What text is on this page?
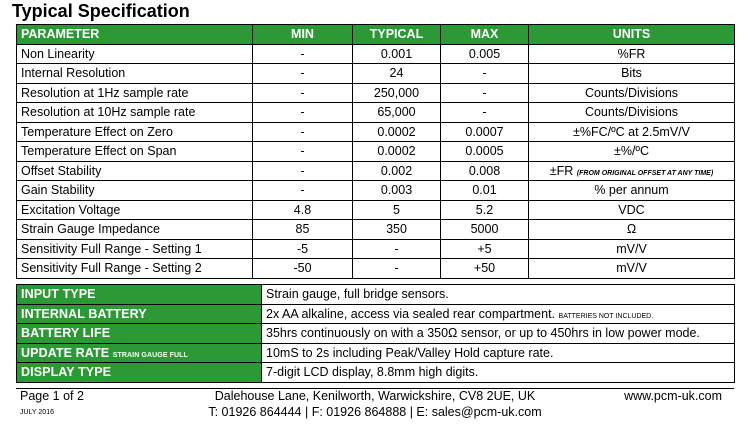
Typical Specification
PARAMETER	MIN	TYPICAL	MAX	UNITS
Non Linearity	-	0.001	0.005	%FR
Internal Resolution	-	24	-	Bits
Resolution at 1Hz sample rate	-	250,000	-	Counts/Divisions
Resolution at 10Hz sample rate	-	65,000	-	Counts/Divisions
Temperature Effect on Zero	-	0.0002	0.0007	±%FC/ºC at 2.5mV/V
Temperature Effect on Span	-	0.0002	0.0005	±%/ºC
Offset Stability	-	0.002	0.008	±FR (FROM ORIGINAL OFFSET AT ANY TIME)
Gain Stability	-	0.003	0.01	% per annum
Excitation Voltage	4.8	5	5.2	VDC
Strain Gauge Impedance	85	350	5000	Ω
Sensitivity Full Range - Setting 1	-5	-	+5	mV/V
Sensitivity Full Range - Setting 2	-50	-	+50	mV/V
INPUT TYPE	Strain gauge, full bridge sensors.
INTERNAL BATTERY	2x AA alkaline, access via sealed rear compartment. BATTERIES NOT INCLUDED.
BATTERY LIFE	35hrs continuously on with a 350Ω sensor, or up to 450hrs in low power mode.
UPDATE RATE STRAIN GAUGE FULL	10mS to 2s including Peak/Valley Hold capture rate.
DISPLAY TYPE	7-digit LCD display, 8.8mm high digits.
Page 1 of 2
JULY 2016
Dalehouse Lane, Kenilworth, Warwickshire, CV8 2UE, UK
T: 01926 864444 | F: 01926 864888 | E: sales@pcm-uk.com
www.pcm-uk.com
